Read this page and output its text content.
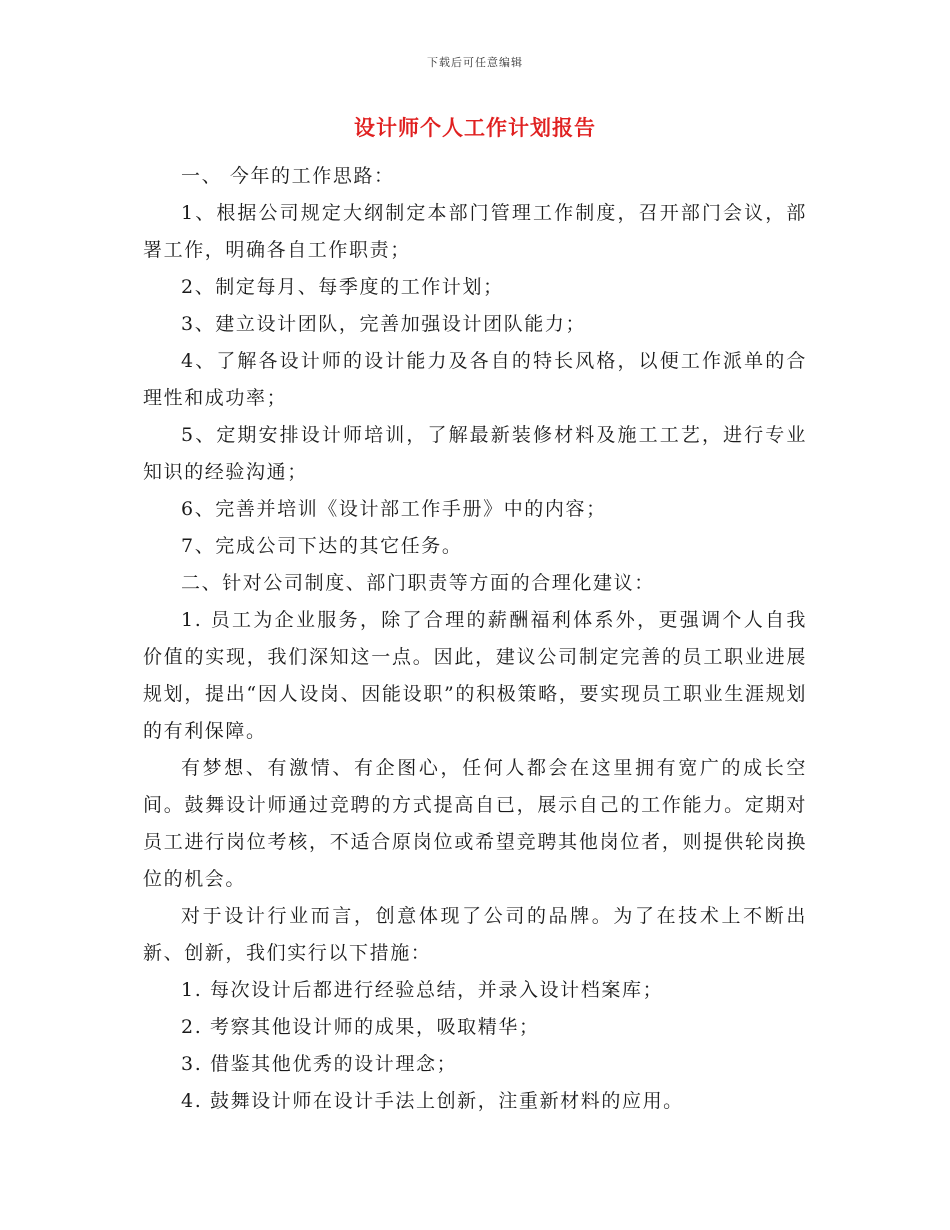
下载后可任意编辑
设计师个人工作计划报告

一、 今年的工作思路：

1、根据公司规定大纲制定本部门管理工作制度，召开部门会议，部署工作，明确各自工作职责；

2、制定每月、每季度的工作计划；

3、建立设计团队，完善加强设计团队能力；

4、了解各设计师的设计能力及各自的特长风格，以便工作派单的合理性和成功率；

5、定期安排设计师培训，了解最新装修材料及施工工艺，进行专业知识的经验沟通；

6、完善并培训《设计部工作手册》中的内容；

7、完成公司下达的其它任务。

二、针对公司制度、部门职责等方面的合理化建议：

1. 员工为企业服务，除了合理的薪酬福利体系外，更强调个人自我价值的实现，我们深知这一点。因此，建议公司制定完善的员工职业进展规划，提出“因人设岗、因能设职”的积极策略，要实现员工职业生涯规划的有利保障。

有梦想、有激情、有企图心，任何人都会在这里拥有宽广的成长空间。鼓舞设计师通过竞聘的方式提高自已，展示自己的工作能力。定期对员工进行岗位考核，不适合原岗位或希望竞聘其他岗位者，则提供轮岗换位的机会。

对于设计行业而言，创意体现了公司的品牌。为了在技术上不断出新、创新，我们实行以下措施：

1. 每次设计后都进行经验总结，并录入设计档案库；

2. 考察其他设计师的成果，吸取精华；

3. 借鉴其他优秀的设计理念；

4. 鼓舞设计师在设计手法上创新，注重新材料的应用。
